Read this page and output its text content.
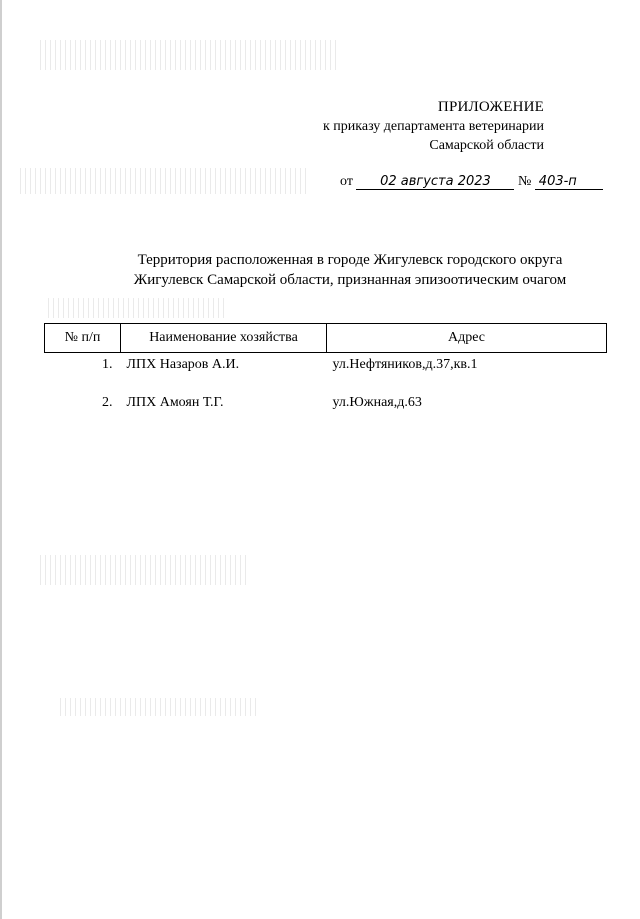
ПРИЛОЖЕНИЕ
к приказу департамента ветеринарии
Самарской области
от 02 августа 2023 № 403-п
Территория расположенная в городе Жигулевск городского округа
Жигулевск Самарской области, признанная эпизоотическим очагом
№ п/п	Наименование хозяйства	Адрес
1.	ЛПХ Назаров А.И.	ул.Нефтяников,д.37,кв.1
2.	ЛПХ Амоян Т.Г.	ул.Южная,д.63
